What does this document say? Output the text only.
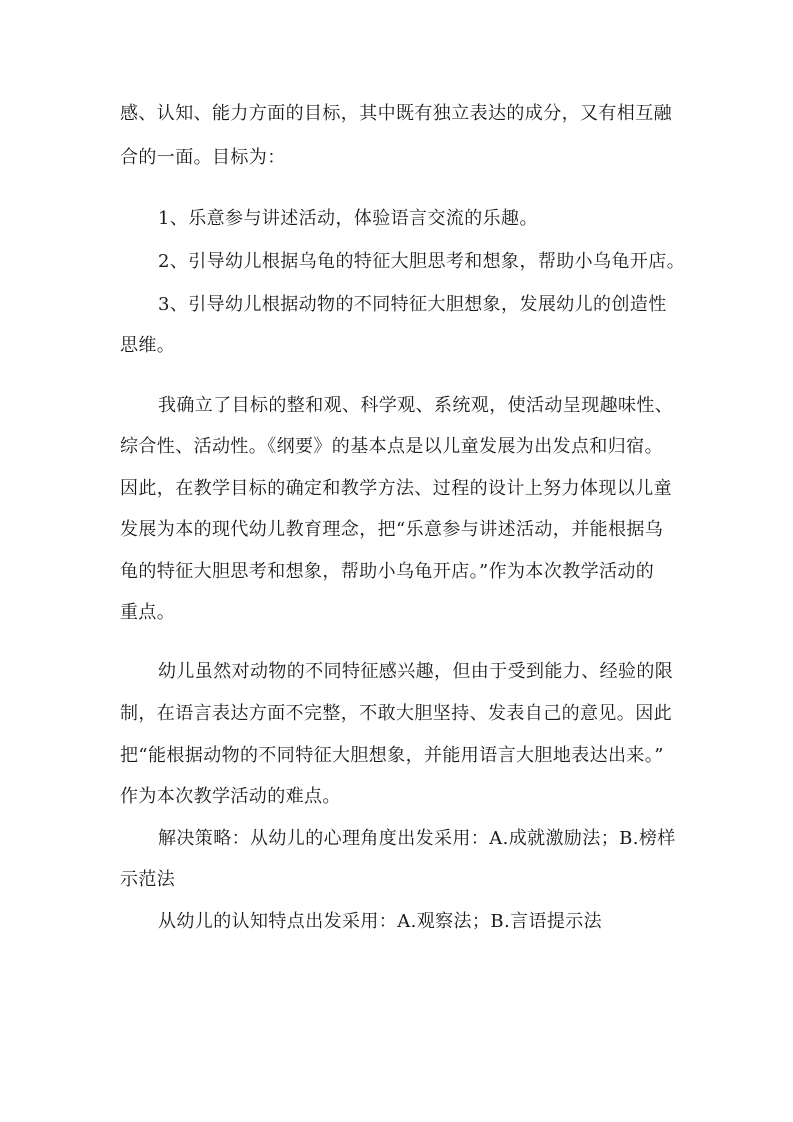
感、认知、能力方面的目标，其中既有独立表达的成分，又有相互融
合的一面。目标为：
1、乐意参与讲述活动，体验语言交流的乐趣。
2、引导幼儿根据乌龟的特征大胆思考和想象，帮助小乌龟开店。
3、引导幼儿根据动物的不同特征大胆想象，发展幼儿的创造性
思维。
我确立了目标的整和观、科学观、系统观，使活动呈现趣味性、
综合性、活动性。《纲要》的基本点是以儿童发展为出发点和归宿。
因此，在教学目标的确定和教学方法、过程的设计上努力体现以儿童
发展为本的现代幼儿教育理念，把“乐意参与讲述活动，并能根据乌
龟的特征大胆思考和想象，帮助小乌龟开店。”作为本次教学活动的
重点。
幼儿虽然对动物的不同特征感兴趣，但由于受到能力、经验的限
制，在语言表达方面不完整，不敢大胆坚持、发表自己的意见。因此
把“能根据动物的不同特征大胆想象，并能用语言大胆地表达出来。”
作为本次教学活动的难点。
解决策略：从幼儿的心理角度出发采用：A.成就激励法；B.榜样
示范法
从幼儿的认知特点出发采用：A.观察法；B.言语提示法
